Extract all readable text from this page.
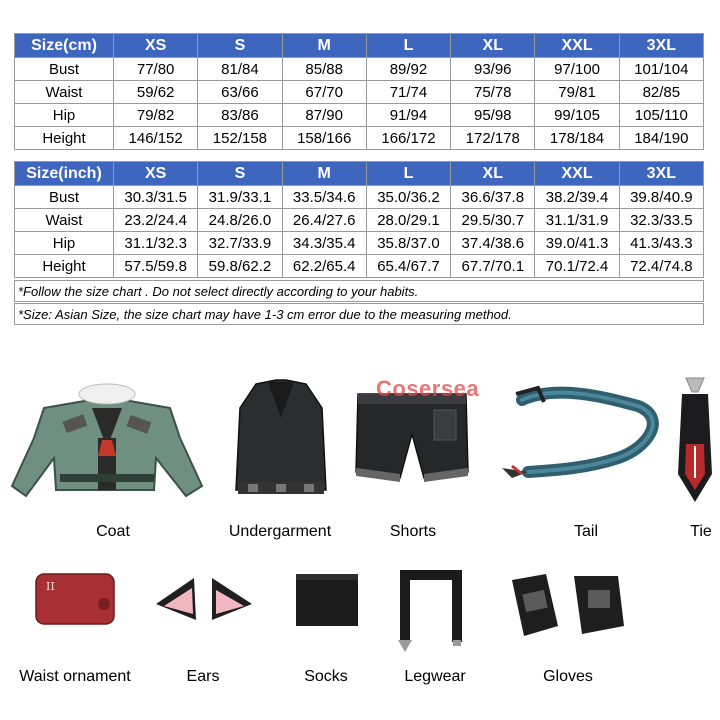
Size(cm)	XS	S	M	L	XL	XXL	3XL
Bust	77/80	81/84	85/88	89/92	93/96	97/100	101/104
Waist	59/62	63/66	67/70	71/74	75/78	79/81	82/85
Hip	79/82	83/86	87/90	91/94	95/98	99/105	105/110
Height	146/152	152/158	158/166	166/172	172/178	178/184	184/190
Size(inch)	XS	S	M	L	XL	XXL	3XL
Bust	30.3/31.5	31.9/33.1	33.5/34.6	35.0/36.2	36.6/37.8	38.2/39.4	39.8/40.9
Waist	23.2/24.4	24.8/26.0	26.4/27.6	28.0/29.1	29.5/30.7	31.1/31.9	32.3/33.5
Hip	31.1/32.3	32.7/33.9	34.3/35.4	35.8/37.0	37.4/38.6	39.0/41.3	41.3/43.3
Height	57.5/59.8	59.8/62.2	62.2/65.4	65.4/67.7	67.7/70.1	70.1/72.4	72.4/74.8
*Follow the size chart . Do not select directly according to your habits.
*Size: Asian Size, the size chart may have 1-3 cm error due to the measuring method.
Cosersea
II
Coat	Undergarment	Shorts	Tail	Tie
Waist ornament	Ears	Socks	Legwear	Gloves
